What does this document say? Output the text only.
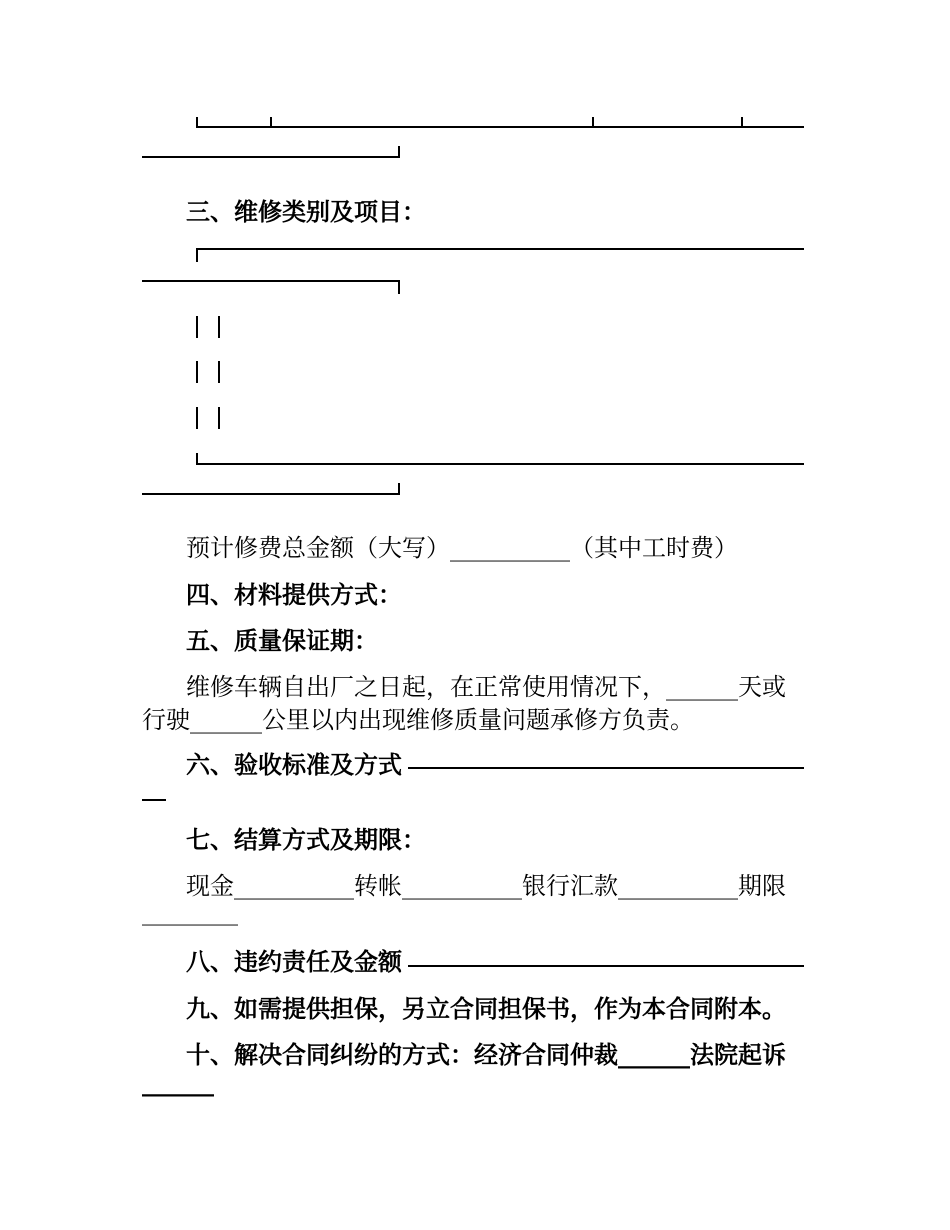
三、维修类别及项目：
预计修费总金额（大写）__________（其中工时费）
四、材料提供方式：
五、质量保证期：
维修车辆自出厂之日起，在正常使用情况下，______天或
行驶______公里以内出现维修质量问题承修方负责。
六、验收标准及方式
七、结算方式及期限：
现金__________转帐__________银行汇款__________期限
________
八、违约责任及金额
九、如需提供担保，另立合同担保书，作为本合同附本。
十、解决合同纠纷的方式：经济合同仲裁______法院起诉
______
